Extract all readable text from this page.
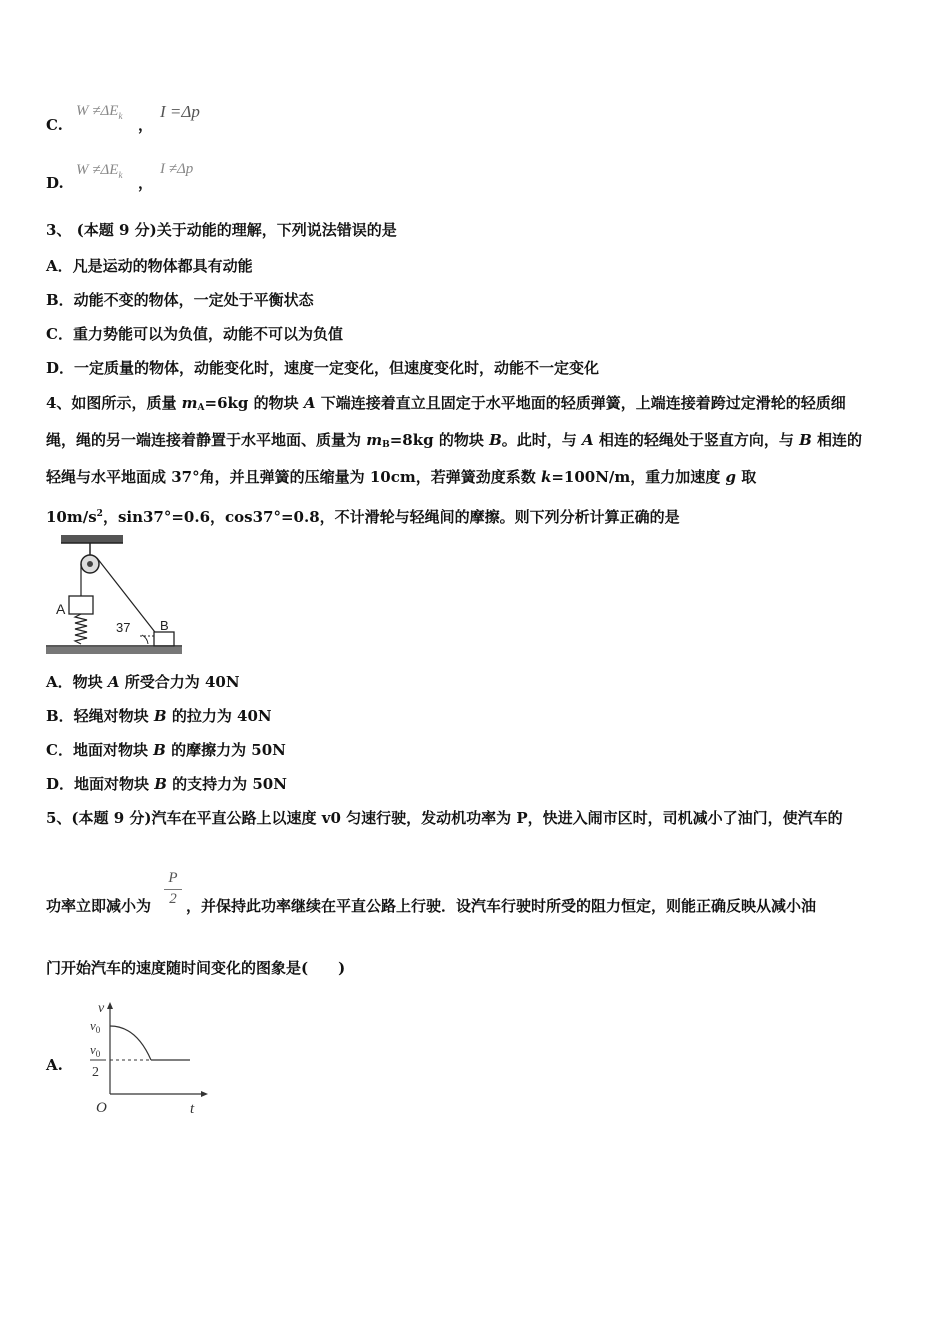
C.
$W \ne\Delta E_k$ ，
I =Δp
D.
$W \ne\Delta E_k$ ，
I ≠Δp
3、 (本题 9 分)关于动能的理解，下列说法错误的是
A．凡是运动的物体都具有动能
B．动能不变的物体，一定处于平衡状态
C．重力势能可以为负值，动能不可以为负值
D．一定质量的物体，动能变化时，速度一定变化，但速度变化时，动能不一定变化
4、如图所示，质量 $m_A=6kg$ 的物块 A 下端连接着直立且固定于水平地面的轻质弹簧，上端连接着跨过定滑轮的轻质细
绳，绳的另一端连接着静置于水平地面、质量为 $m_B=8kg$ 的物块 B。此时，与 A 相连的轻绳处于竖直方向，与 B 相连的
轻绳与水平地面成 37°角，并且弹簧的压缩量为 10cm，若弹簧劲度系数 k=100N/m，重力加速度 g 取
$10m/s^2$，sin37°=0.6，cos37°=0.8，不计滑轮与轻绳间的摩擦。则下列分析计算正确的是
A
B
37
A．物块 A 所受合力为 40N
B．轻绳对物块 B 的拉力为 40N
C．地面对物块 B 的摩擦力为 50N
D．地面对物块 B 的支持力为 50N
5、(本题 9 分)汽车在平直公路上以速度 v0 匀速行驶，发动机功率为 P，快进入闹市区时，司机减小了油门，使汽车的
功率立即减小为 $\frac{P}{2}$ ，并保持此功率继续在平直公路上行驶．设汽车行驶时所受的阻力恒定，则能正确反映从减小油
门开始汽车的速度随时间变化的图象是(　　)
A.
v
$v_0$
$v_0$
2
O	t
